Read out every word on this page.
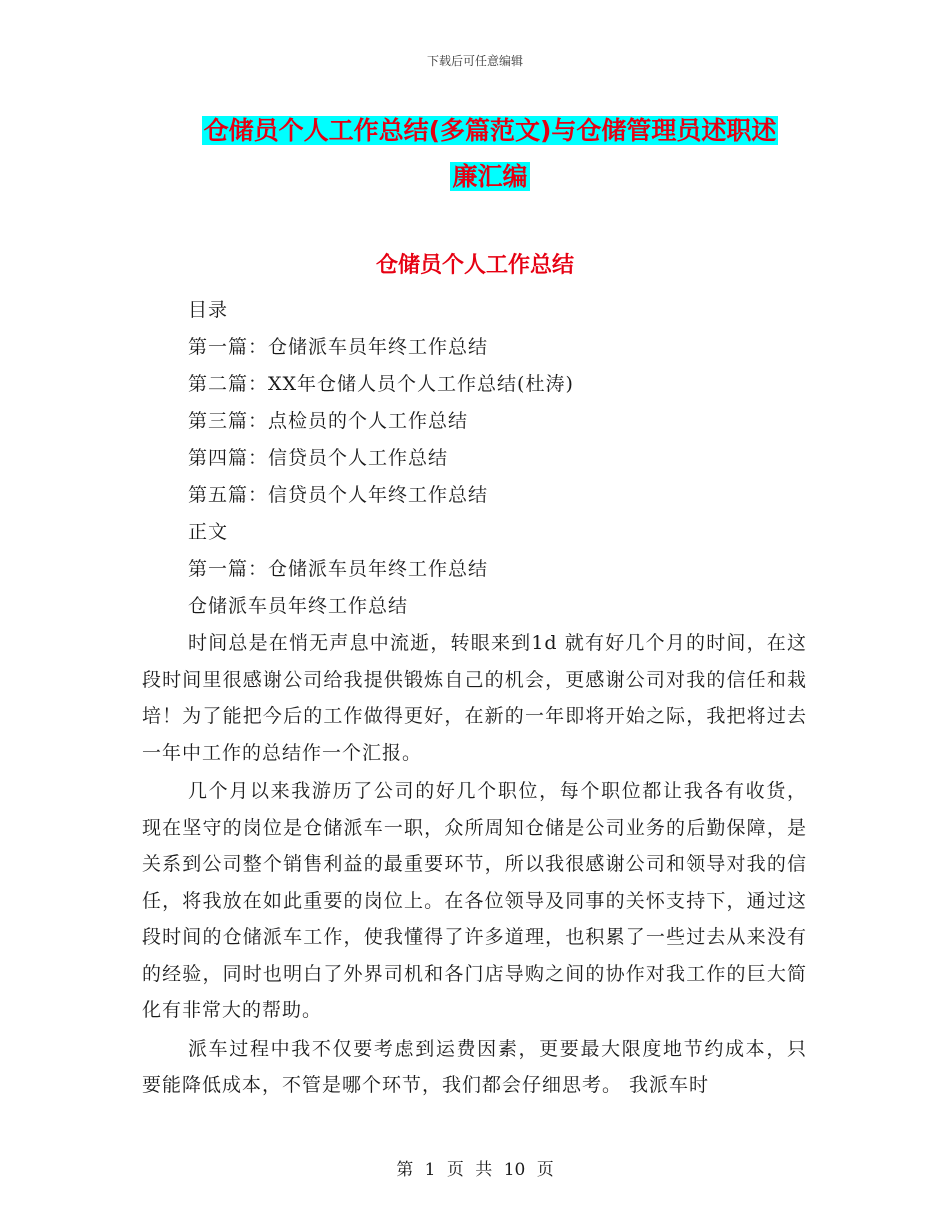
下载后可任意编辑
仓储员个人工作总结(多篇范文)与仓储管理员述职述
廉汇编
仓储员个人工作总结
目录
第一篇：仓储派车员年终工作总结
第二篇：XX年仓储人员个人工作总结(杜涛)
第三篇：点检员的个人工作总结
第四篇：信贷员个人工作总结
第五篇：信贷员个人年终工作总结
正文
第一篇：仓储派车员年终工作总结
仓储派车员年终工作总结

时间总是在悄无声息中流逝，转眼来到1d 就有好几个月的时间，在这段时间里很感谢公司给我提供锻炼自己的机会，更感谢公司对我的信任和栽培！为了能把今后的工作做得更好，在新的一年即将开始之际，我把将过去一年中工作的总结作一个汇报。

几个月以来我游历了公司的好几个职位，每个职位都让我各有收货，现在坚守的岗位是仓储派车一职，众所周知仓储是公司业务的后勤保障，是关系到公司整个销售利益的最重要环节，所以我很感谢公司和领导对我的信任，将我放在如此重要的岗位上。在各位领导及同事的关怀支持下，通过这段时间的仓储派车工作，使我懂得了许多道理，也积累了一些过去从来没有的经验，同时也明白了外界司机和各门店导购之间的协作对我工作的巨大简化有非常大的帮助。

派车过程中我不仅要考虑到运费因素，更要最大限度地节约成本，只要能降低成本，不管是哪个环节，我们都会仔细思考。 我派车时

第 1 页 共 10 页
